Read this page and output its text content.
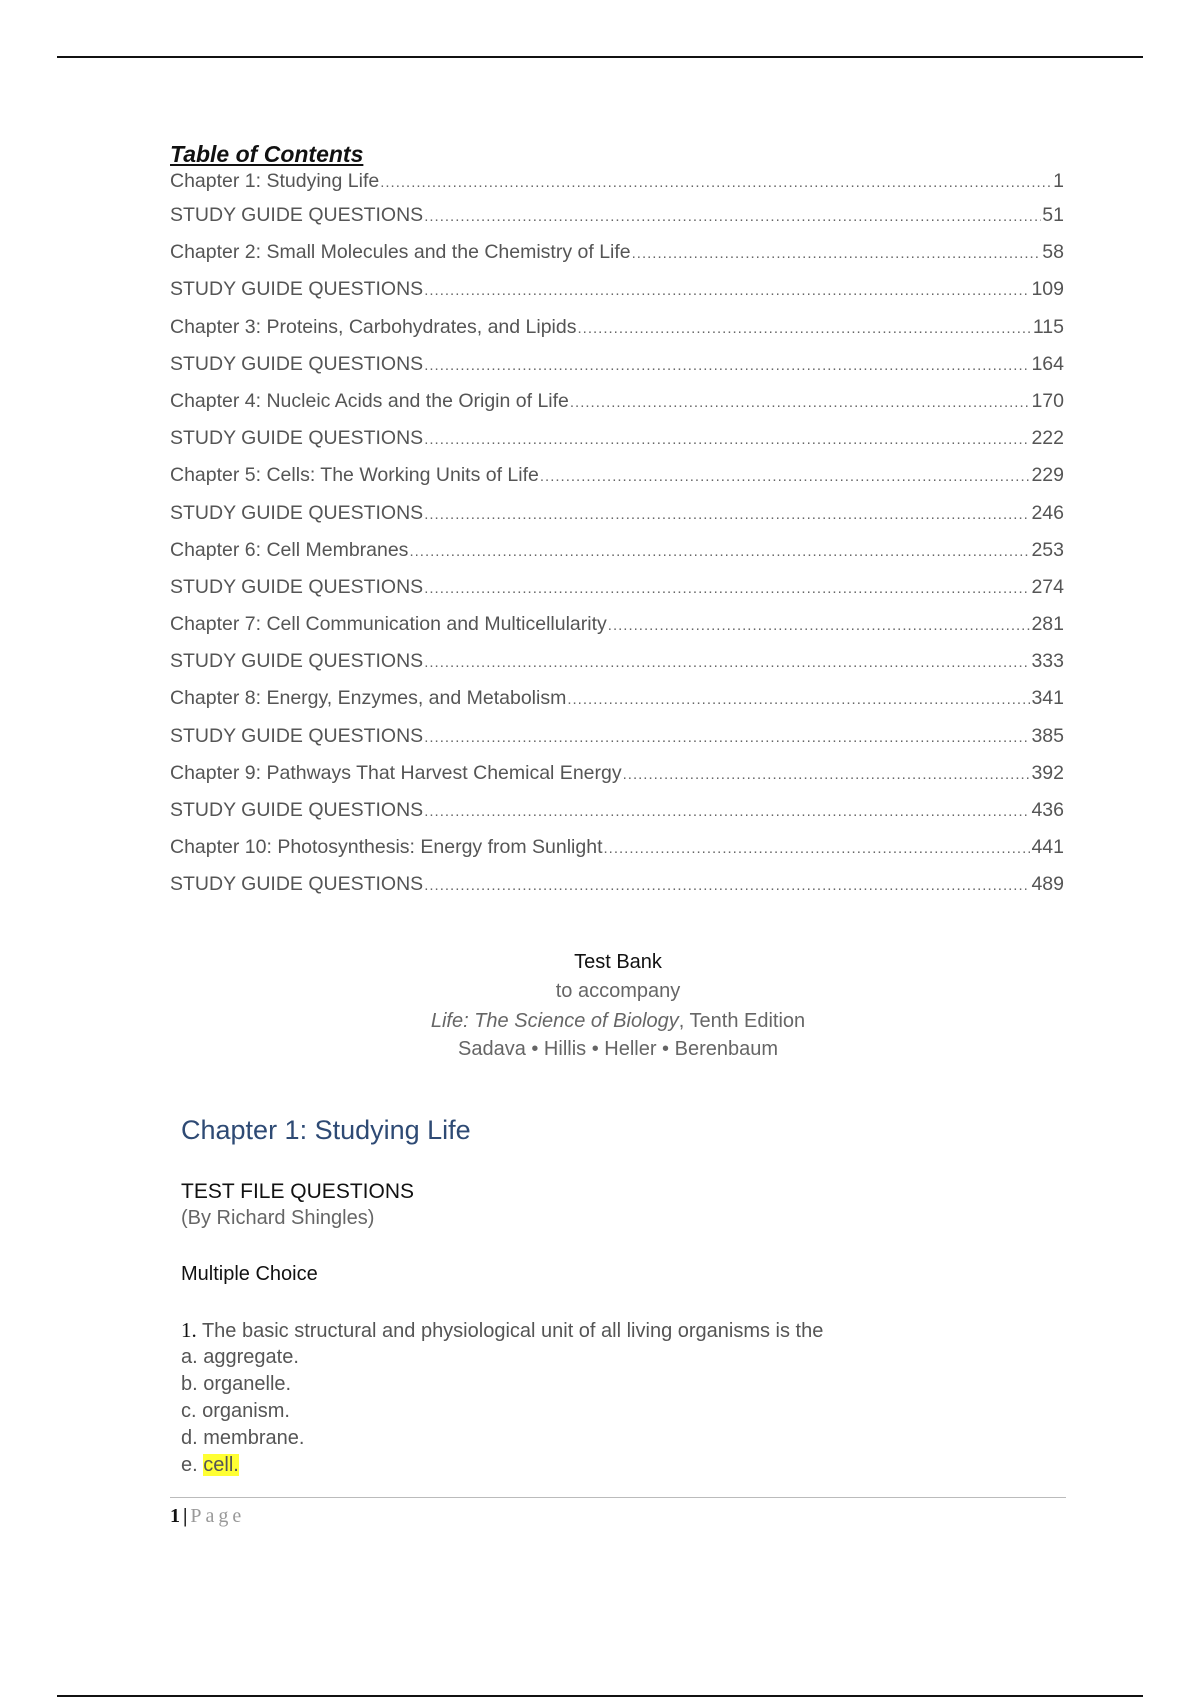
Table of Contents
Chapter 1: Studying Life .....	1
STUDY GUIDE QUESTIONS .....	51
Chapter 2: Small Molecules and the Chemistry of Life .....	58
STUDY GUIDE QUESTIONS .....	109
Chapter 3: Proteins, Carbohydrates, and Lipids .....	115
STUDY GUIDE QUESTIONS .....	164
Chapter 4: Nucleic Acids and the Origin of Life .....	170
STUDY GUIDE QUESTIONS .....	222
Chapter 5: Cells: The Working Units of Life .....	229
STUDY GUIDE QUESTIONS .....	246
Chapter 6: Cell Membranes .....	253
STUDY GUIDE QUESTIONS .....	274
Chapter 7: Cell Communication and Multicellularity .....	281
STUDY GUIDE QUESTIONS .....	333
Chapter 8: Energy, Enzymes, and Metabolism .....	341
STUDY GUIDE QUESTIONS .....	385
Chapter 9: Pathways That Harvest Chemical Energy .....	392
STUDY GUIDE QUESTIONS .....	436
Chapter 10: Photosynthesis: Energy from Sunlight .....	441
STUDY GUIDE QUESTIONS .....	489
Test Bank
to accompany
Life: The Science of Biology, Tenth Edition
Sadava • Hillis • Heller • Berenbaum
Chapter 1: Studying Life
TEST FILE QUESTIONS
(By Richard Shingles)
Multiple Choice
1. The basic structural and physiological unit of all living organisms is the
a. aggregate.
b. organelle.
c. organism.
d. membrane.
e. cell.
1 | Page
